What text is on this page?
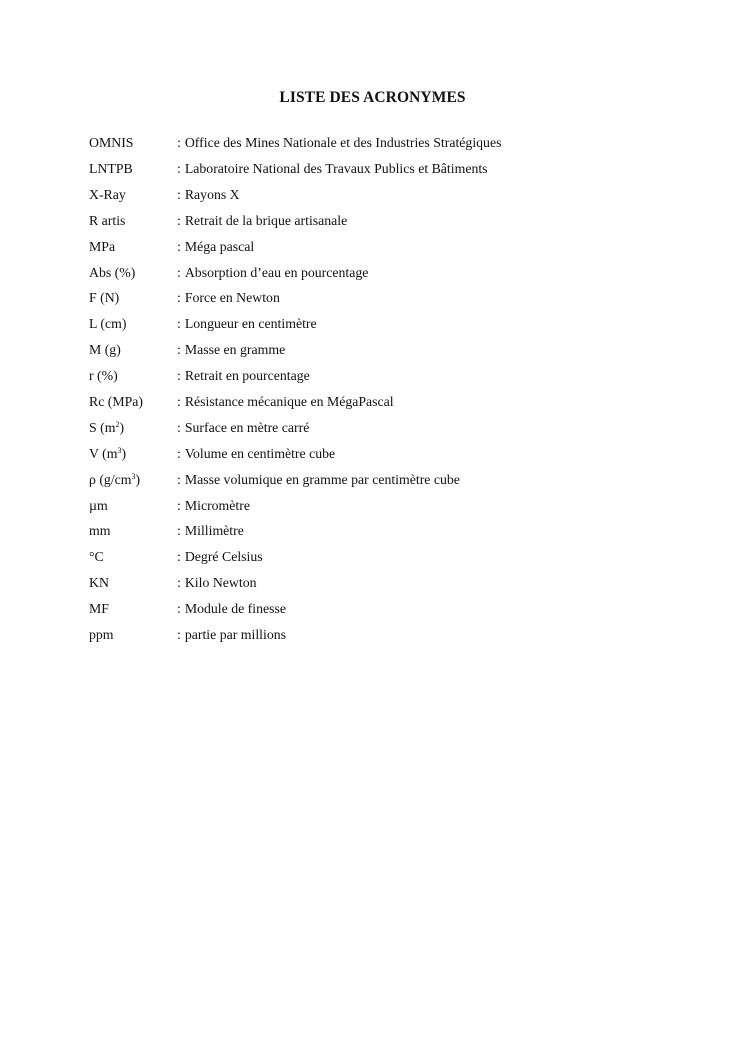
LISTE DES ACRONYMES
OMNIS	: Office des Mines Nationale et des Industries Stratégiques
LNTPB	: Laboratoire National des Travaux Publics et Bâtiments
X-Ray	: Rayons X
R artis	: Retrait de la brique artisanale
MPa	: Méga pascal
Abs (%)	: Absorption d’eau en pourcentage
F (N)	: Force en Newton
L (cm)	: Longueur en centimètre
M (g)	: Masse en gramme
r (%)	: Retrait en pourcentage
Rc (MPa)	: Résistance mécanique en MégaPascal
S $(m^2)$	: Surface en mètre carré
V $(m^3)$	: Volume en centimètre cube
ρ $(g/cm^3)$	: Masse volumique en gramme par centimètre cube
µm	: Micromètre
mm	: Millimètre
°C	: Degré Celsius
KN	: Kilo Newton
MF	: Module de finesse
ppm	: partie par millions
